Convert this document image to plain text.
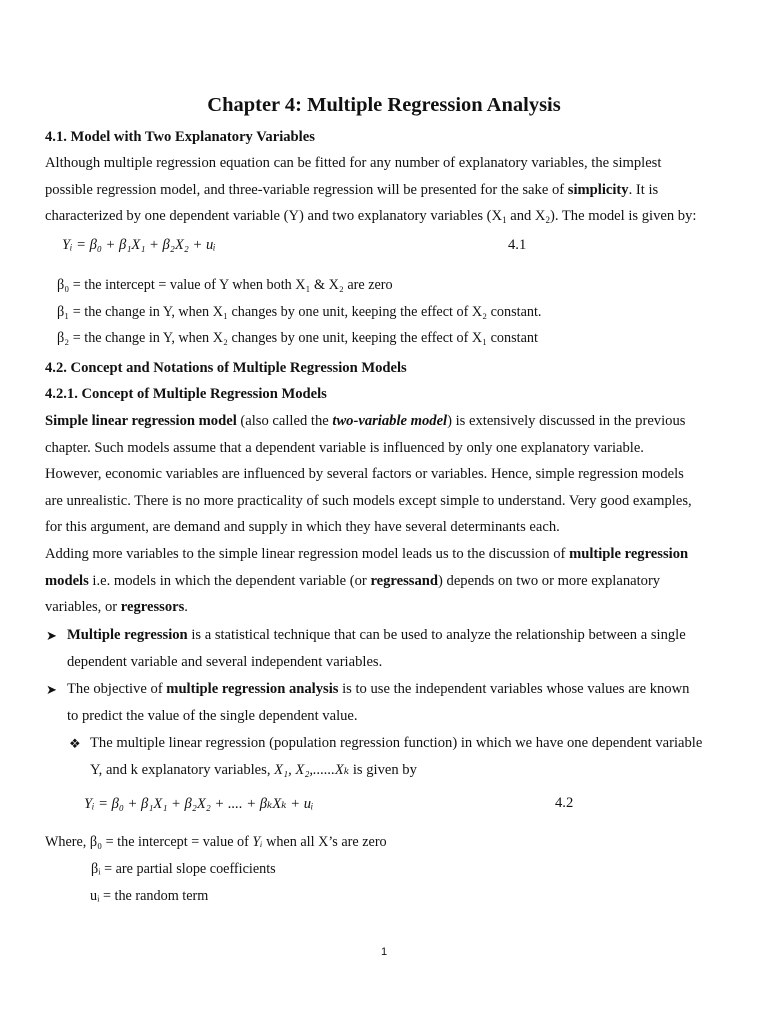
Chapter 4: Multiple Regression Analysis
4.1. Model with Two Explanatory Variables
Although multiple regression equation can be fitted for any number of explanatory variables, the simplest
possible regression model, and three-variable regression will be presented for the sake of simplicity. It is
characterized by one dependent variable (Y) and two explanatory variables ($X_1$ and $X_2$). The model is given by:
Yᵢ = β₀ + β₁X₁ + β₂X₂ + uᵢ	4.1
β₀ = the intercept = value of Y when both X₁ & X₂ are zero
β₁ = the change in Y, when X₁ changes by one unit, keeping the effect of X₂ constant.
β₂ = the change in Y, when X₂ changes by one unit, keeping the effect of X₁ constant
4.2. Concept and Notations of Multiple Regression Models
4.2.1. Concept of Multiple Regression Models
Simple linear regression model (also called the two-variable model) is extensively discussed in the previous
chapter. Such models assume that a dependent variable is influenced by only one explanatory variable.
However, economic variables are influenced by several factors or variables. Hence, simple regression models
are unrealistic. There is no more practicality of such models except simple to understand. Very good examples,
for this argument, are demand and supply in which they have several determinants each.
Adding more variables to the simple linear regression model leads us to the discussion of multiple regression
models i.e. models in which the dependent variable (or regressand) depends on two or more explanatory
variables, or regressors.
➤ Multiple regression is a statistical technique that can be used to analyze the relationship between a single
dependent variable and several independent variables.
➤ The objective of multiple regression analysis is to use the independent variables whose values are known
to predict the value of the single dependent value.
❖ The multiple linear regression (population regression function) in which we have one dependent variable
Y, and k explanatory variables, X₁, X₂,......Xₖ is given by
Yᵢ = β₀ + β₁X₁ + β₂X₂ + .... + βₖXₖ + uᵢ	4.2
Where, β₀ = the intercept = value of Yᵢ when all X’s are zero
βᵢ = are partial slope coefficients
uᵢ = the random term
1
